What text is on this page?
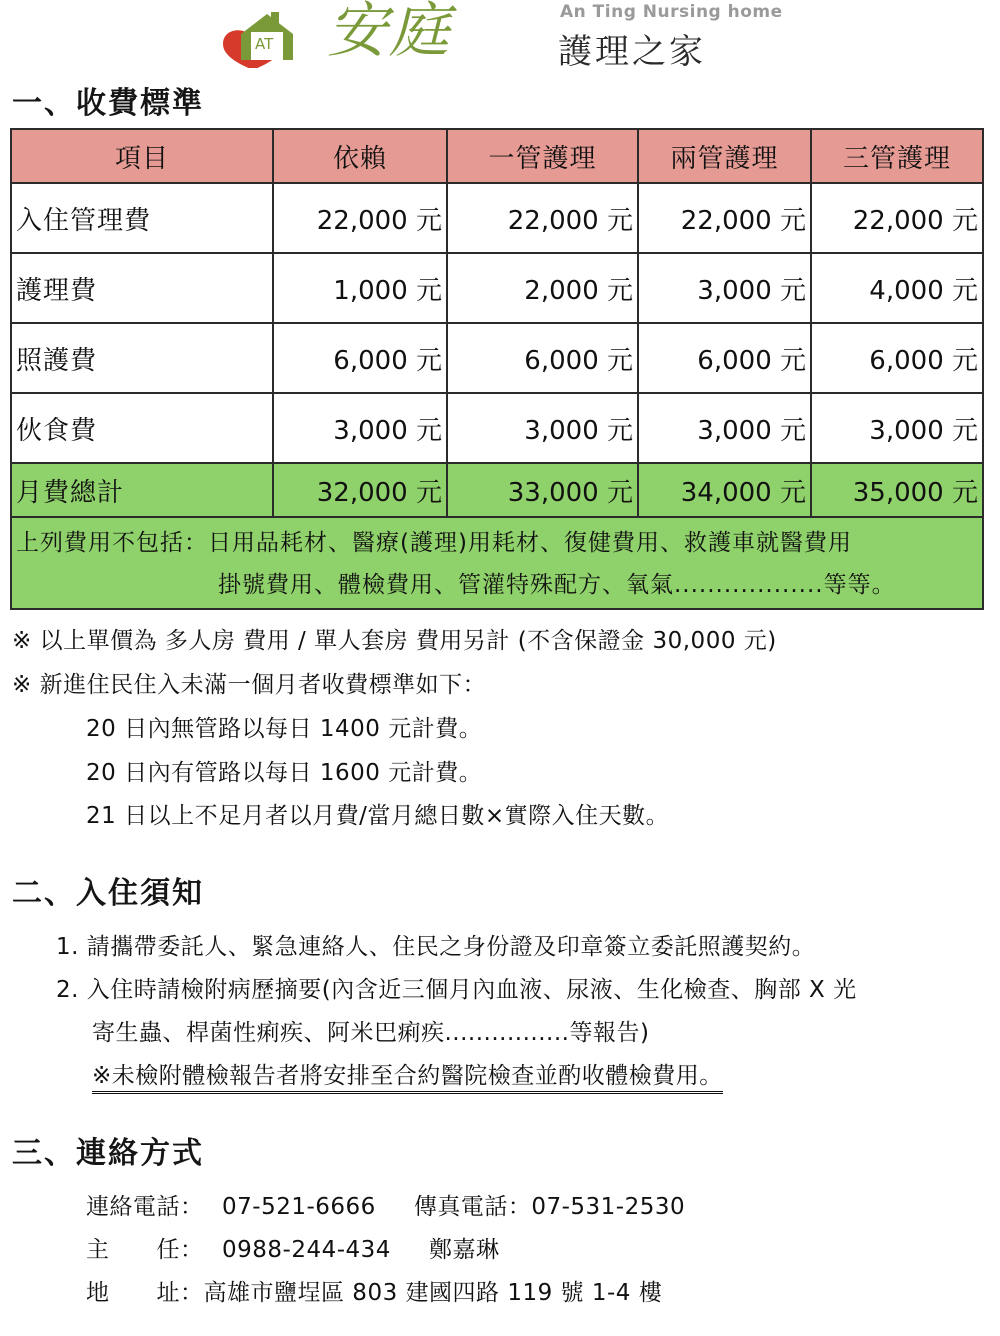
AT 安庭	An Ting Nursing home
護理之家
一、收費標準
項目	依賴	一管護理	兩管護理	三管護理
入住管理費	22,000 元	22,000 元	22,000 元	22,000 元
護理費	1,000 元	2,000 元	3,000 元	4,000 元
照護費	6,000 元	6,000 元	6,000 元	6,000 元
伙食費	3,000 元	3,000 元	3,000 元	3,000 元
月費總計	32,000 元	33,000 元	34,000 元	35,000 元

上列費用不包括：日用品耗材、醫療(護理)用耗材、復健費用、救護車就醫費用
掛號費用、體檢費用、管灌特殊配方、氧氣..................等等。				
※ 以上單價為 多人房 費用 / 單人套房 費用另計 (不含保證金 30,000 元)
※ 新進住民住入未滿一個月者收費標準如下：
20 日內無管路以每日 1400 元計費。
20 日內有管路以每日 1600 元計費。
21 日以上不足月者以月費/當月總日數×實際入住天數。
二、入住須知
1. 請攜帶委託人、緊急連絡人、住民之身份證及印章簽立委託照護契約。
2. 入住時請檢附病歷摘要(內含近三個月內血液、尿液、生化檢查、胸部 X 光
寄生蟲、桿菌性痢疾、阿米巴痢疾................等報告)
※未檢附體檢報告者將安排至合約醫院檢查並酌收體檢費用。
三、連絡方式
連絡電話： 07-521-6666 傳真電話：07-531-2530
主　　任： 0988-244-434 鄭嘉琳
地　　址：高雄市鹽埕區 803 建國四路 119 號 1-4 樓
